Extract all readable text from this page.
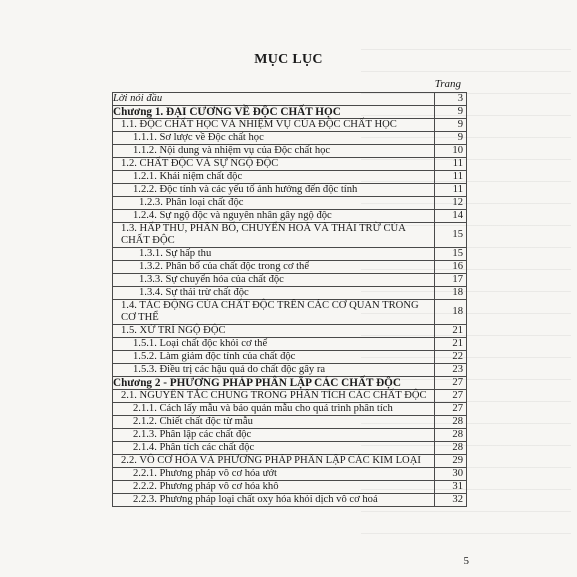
MỤC LỤC
Trang
Lời nói đầu	3
Chương 1. ĐẠI CƯƠNG VỀ ĐỘC CHẤT HỌC	9
1.1. ĐỘC CHẤT HỌC VÀ NHIỆM VỤ CỦA ĐỘC CHẤT HỌC	9
1.1.1. Sơ lược về Độc chất học	9
1.1.2. Nội dung và nhiệm vụ của Độc chất học	10
1.2. CHẤT ĐỘC VÀ SỰ NGỘ ĐỘC	11
1.2.1. Khái niệm chất độc	11
1.2.2. Độc tính và các yếu tố ảnh hưởng đến độc tính	11
1.2.3. Phân loại chất độc	12
1.2.4. Sự ngộ độc và nguyên nhân gây ngộ độc	14
1.3. HẤP THU, PHÂN BỐ, CHUYỂN HOÁ VÀ THẢI TRỪ CỦA CHẤT ĐỘC	15
1.3.1. Sự hấp thu	15
1.3.2. Phân bố của chất độc trong cơ thể	16
1.3.3. Sự chuyển hóa của chất độc	17
1.3.4. Sự thải trừ chất độc	18
1.4. TÁC ĐỘNG CỦA CHẤT ĐỘC TRÊN CÁC CƠ QUAN TRONG CƠ THỂ	18
1.5. XỬ TRÍ NGỘ ĐỘC	21
1.5.1. Loại chất độc khỏi cơ thể	21
1.5.2. Làm giảm độc tính của chất độc	22
1.5.3. Điều trị các hậu quả do chất độc gây ra	23
Chương 2 - PHƯƠNG PHÁP PHÂN LẬP CÁC CHẤT ĐỘC	27
2.1. NGUYÊN TẮC CHUNG TRONG PHÂN TÍCH CÁC CHẤT ĐỘC	27
2.1.1. Cách lấy mẫu và bảo quản mẫu cho quá trình phân tích	27
2.1.2. Chiết chất độc từ mẫu	28
2.1.3. Phân lập các chất độc	28
2.1.4. Phân tích các chất độc	28
2.2. VÔ CƠ HÓA VÀ PHƯƠNG PHÁP PHÂN LẬP CÁC KIM LOẠI	29
2.2.1. Phương pháp vô cơ hóa ướt	30
2.2.2. Phương pháp vô cơ hóa khô	31
2.2.3. Phương pháp loại chất oxy hóa khỏi dịch vô cơ hoá	32
5
